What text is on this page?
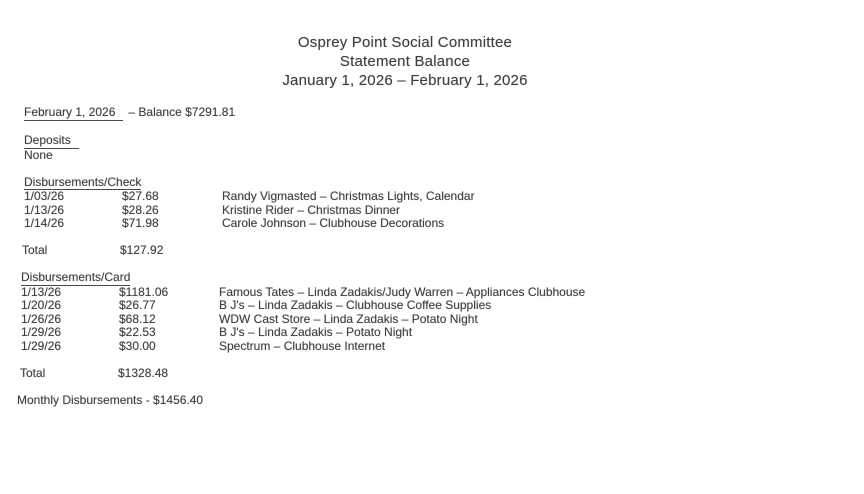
Osprey Point Social Committee
Statement Balance
January 1, 2026 – February 1, 2026
February 1, 2026 – Balance $7291.81
Deposits
None
Disbursements/Check
1/03/26	$27.68	Randy Vigmasted – Christmas Lights, Calendar
1/13/26	$28.26	Kristine Rider – Christmas Dinner
1/14/26	$71.98	Carole Johnson – Clubhouse Decorations
Total	$127.92
Disbursements/Card
1/13/26	$1181.06	Famous Tates – Linda Zadakis/Judy Warren – Appliances Clubhouse
1/20/26	$26.77	B J's – Linda Zadakis – Clubhouse Coffee Supplies
1/26/26	$68.12	WDW Cast Store – Linda Zadakis – Potato Night
1/29/26	$22.53	B J's – Linda Zadakis – Potato Night
1/29/26	$30.00	Spectrum – Clubhouse Internet
Total	$1328.48
Monthly Disbursements - $1456.40
